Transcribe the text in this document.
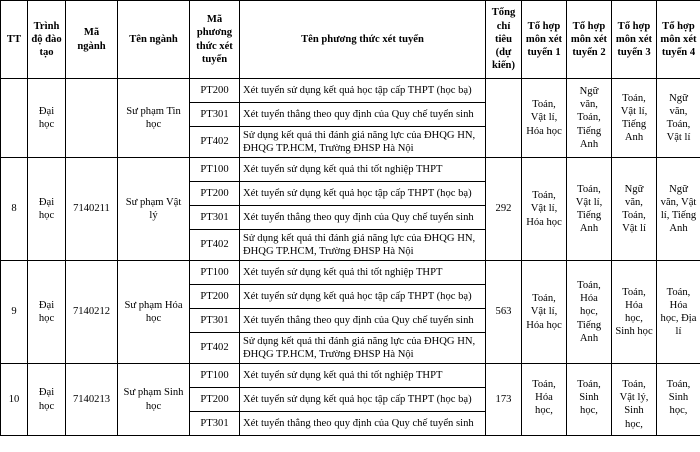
TT	Trình độ đào tạo	Mã ngành	Tên ngành	Mã phương thức xét tuyển	Tên phương thức xét tuyển	Tổng chỉ tiêu (dự kiến)	Tổ hợp môn xét tuyển 1	Tổ hợp môn xét tuyển 2	Tổ hợp môn xét tuyển 3	Tổ hợp môn xét tuyển 4
	Đại học		Sư phạm Tin học	PT200	Xét tuyển sử dụng kết quả học tập cấp THPT (học bạ)		Toán, Vật lí, Hóa học	Ngữ văn, Toán, Tiếng Anh	Toán, Vật lí, Tiếng Anh	Ngữ văn, Toán, Vật lí
				PT301	Xét tuyển thẳng theo quy định của Quy chế tuyển sinh					
				PT402	Sử dụng kết quả thi đánh giá năng lực của ĐHQG HN, ĐHQG TP.HCM, Trường ĐHSP Hà Nội					
8	Đại học	7140211	Sư phạm Vật lý	PT100	Xét tuyển sử dụng kết quả thi tốt nghiệp THPT	292	Toán, Vật lí, Hóa học	Toán, Vật lí, Tiếng Anh	Ngữ văn, Toán, Vật lí	Ngữ văn, Vật lí, Tiếng Anh
				PT200	Xét tuyển sử dụng kết quả học tập cấp THPT (học bạ)					
				PT301	Xét tuyển thẳng theo quy định của Quy chế tuyển sinh					
				PT402	Sử dụng kết quả thi đánh giá năng lực của ĐHQG HN, ĐHQG TP.HCM, Trường ĐHSP Hà Nội					
9	Đại học	7140212	Sư phạm Hóa học	PT100	Xét tuyển sử dụng kết quả thi tốt nghiệp THPT	563	Toán, Vật lí, Hóa học	Toán, Hóa học, Tiếng Anh	Toán, Hóa học, Sinh học	Toán, Hóa học, Địa lí
				PT200	Xét tuyển sử dụng kết quả học tập cấp THPT (học bạ)					
				PT301	Xét tuyển thẳng theo quy định của Quy chế tuyển sinh					
				PT402	Sử dụng kết quả thi đánh giá năng lực của ĐHQG HN, ĐHQG TP.HCM, Trường ĐHSP Hà Nội					
10	Đại học	7140213	Sư phạm Sinh học	PT100	Xét tuyển sử dụng kết quả thi tốt nghiệp THPT	173	Toán, Hóa học,	Toán, Sinh học,	Toán, Vật lý, Sinh học,	Toán, Sinh học,
				PT200	Xét tuyển sử dụng kết quả học tập cấp THPT (học bạ)					
				PT301	Xét tuyển thẳng theo quy định của Quy chế tuyển sinh					
